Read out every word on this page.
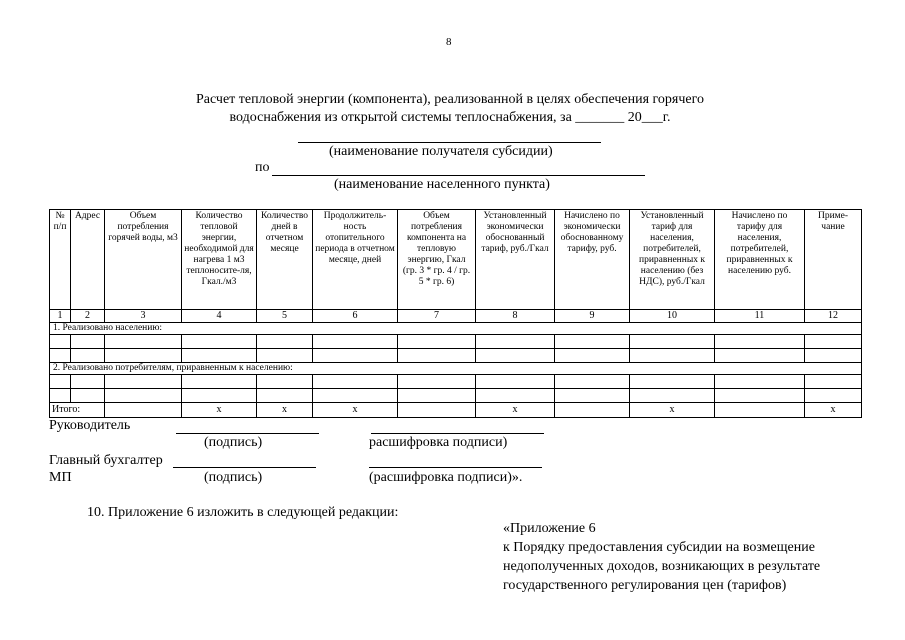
8
Расчет тепловой энергии (компонента), реализованной в целях обеспечения горячего
водоснабжения из открытой системы теплоснабжения, за _______ 20___г.
(наименование получателя субсидии)
по
(наименование населенного пункта)
№ п/п	Адрес	Объем потребления горячей воды, м3	Количество тепловой энергии, необходимой для нагрева 1 м3 теплоносите-ля, Гкал./м3	Количество дней в отчетном месяце	Продолжитель-ность отопительного периода в отчетном месяце, дней	Объем потребления компонента на тепловую энергию, Гкал (гр. 3 * гр. 4 / гр. 5 * гр. 6)	Установленный экономически обоснованный тариф, руб./Гкал	Начислено по экономически обоснованному тарифу, руб.	Установленный тариф для населения, потребителей, приравненных к населению (без НДС), руб./Гкал	Начислено по тарифу для населения, потребителей, приравненных к населению руб.	Приме-чание
1	2	3	4	5	6	7	8	9	10	11	12
1. Реализовано населению:											

2. Реализовано потребителям, приравненным к населению:											

Итого:			х	х	х		х		х		х
Руководитель
(подпись)	расшифровка подписи)
Главный бухгалтер
МП	(подпись)	(расшифровка подписи)».
10. Приложение 6 изложить в следующей редакции:
«Приложение 6
к Порядку предоставления субсидии на возмещение
недополученных доходов, возникающих в результате
государственного регулирования цен (тарифов)
